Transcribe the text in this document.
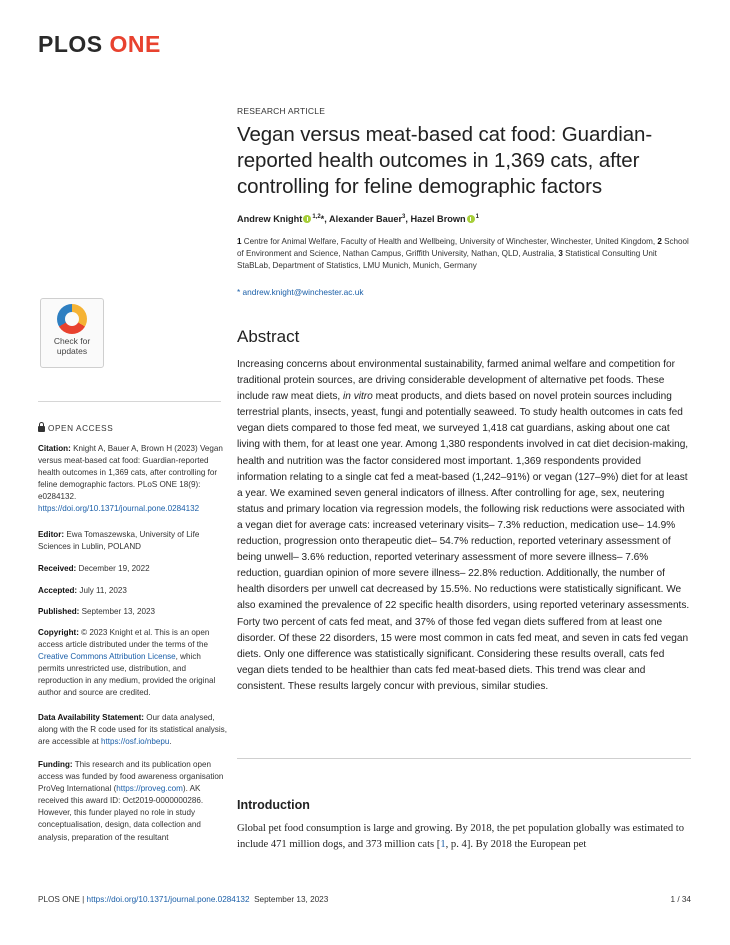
PLOS ONE
RESEARCH ARTICLE
Vegan versus meat-based cat food: Guardian-reported health outcomes in 1,369 cats, after controlling for feline demographic factors
Andrew Knight $^{1,2}$*, Alexander Bauer$^3$, Hazel Brown $^1$
1 Centre for Animal Welfare, Faculty of Health and Wellbeing, University of Winchester, Winchester, United Kingdom, 2 School of Environment and Science, Nathan Campus, Griffith University, Nathan, QLD, Australia, 3 Statistical Consulting Unit StaBLab, Department of Statistics, LMU Munich, Munich, Germany
* andrew.knight@winchester.ac.uk
Check for
updates
OPEN ACCESS
Citation: Knight A, Bauer A, Brown H (2023) Vegan versus meat-based cat food: Guardian-reported health outcomes in 1,369 cats, after controlling for feline demographic factors. PLoS ONE 18(9): e0284132. https://doi.org/10.1371/journal.pone.0284132
Editor: Ewa Tomaszewska, University of Life Sciences in Lublin, POLAND
Received: December 19, 2022
Accepted: July 11, 2023
Published: September 13, 2023
Copyright: © 2023 Knight et al. This is an open access article distributed under the terms of the Creative Commons Attribution License, which permits unrestricted use, distribution, and reproduction in any medium, provided the original author and source are credited.
Data Availability Statement: Our data analysed, along with the R code used for its statistical analysis, are accessible at https://osf.io/nbepu.
Funding: This research and its publication open access was funded by food awareness organisation ProVeg International (https://proveg.com). AK received this award ID: Oct2019-0000000286. However, this funder played no role in study conceptualisation, design, data collection and analysis, preparation of the resultant
Abstract

Increasing concerns about environmental sustainability, farmed animal welfare and competition for traditional protein sources, are driving considerable development of alternative pet foods. These include raw meat diets, in vitro meat products, and diets based on novel protein sources including terrestrial plants, insects, yeast, fungi and potentially seaweed. To study health outcomes in cats fed vegan diets compared to those fed meat, we surveyed 1,418 cat guardians, asking about one cat living with them, for at least one year. Among 1,380 respondents involved in cat diet decision-making, health and nutrition was the factor considered most important. 1,369 respondents provided information relating to a single cat fed a meat-based (1,242–91%) or vegan (127–9%) diet for at least a year. We examined seven general indicators of illness. After controlling for age, sex, neutering status and primary location via regression models, the following risk reductions were associated with a vegan diet for average cats: increased veterinary visits– 7.3% reduction, medication use– 14.9% reduction, progression onto therapeutic diet– 54.7% reduction, reported veterinary assessment of being unwell– 3.6% reduction, reported veterinary assessment of more severe illness– 7.6% reduction, guardian opinion of more severe illness– 22.8% reduction. Additionally, the number of health disorders per unwell cat decreased by 15.5%. No reductions were statistically significant. We also examined the prevalence of 22 specific health disorders, using reported veterinary assessments. Forty two percent of cats fed meat, and 37% of those fed vegan diets suffered from at least one disorder. Of these 22 disorders, 15 were most common in cats fed meat, and seven in cats fed vegan diets. Only one difference was statistically significant. Considering these results overall, cats fed vegan diets tended to be healthier than cats fed meat-based diets. This trend was clear and consistent. These results largely concur with previous, similar studies.

Introduction

Global pet food consumption is large and growing. By 2018, the pet population globally was estimated to include 471 million dogs, and 373 million cats [1, p. 4]. By 2018 the European pet

PLOS ONE | https://doi.org/10.1371/journal.pone.0284132 September 13, 2023	1 / 34
